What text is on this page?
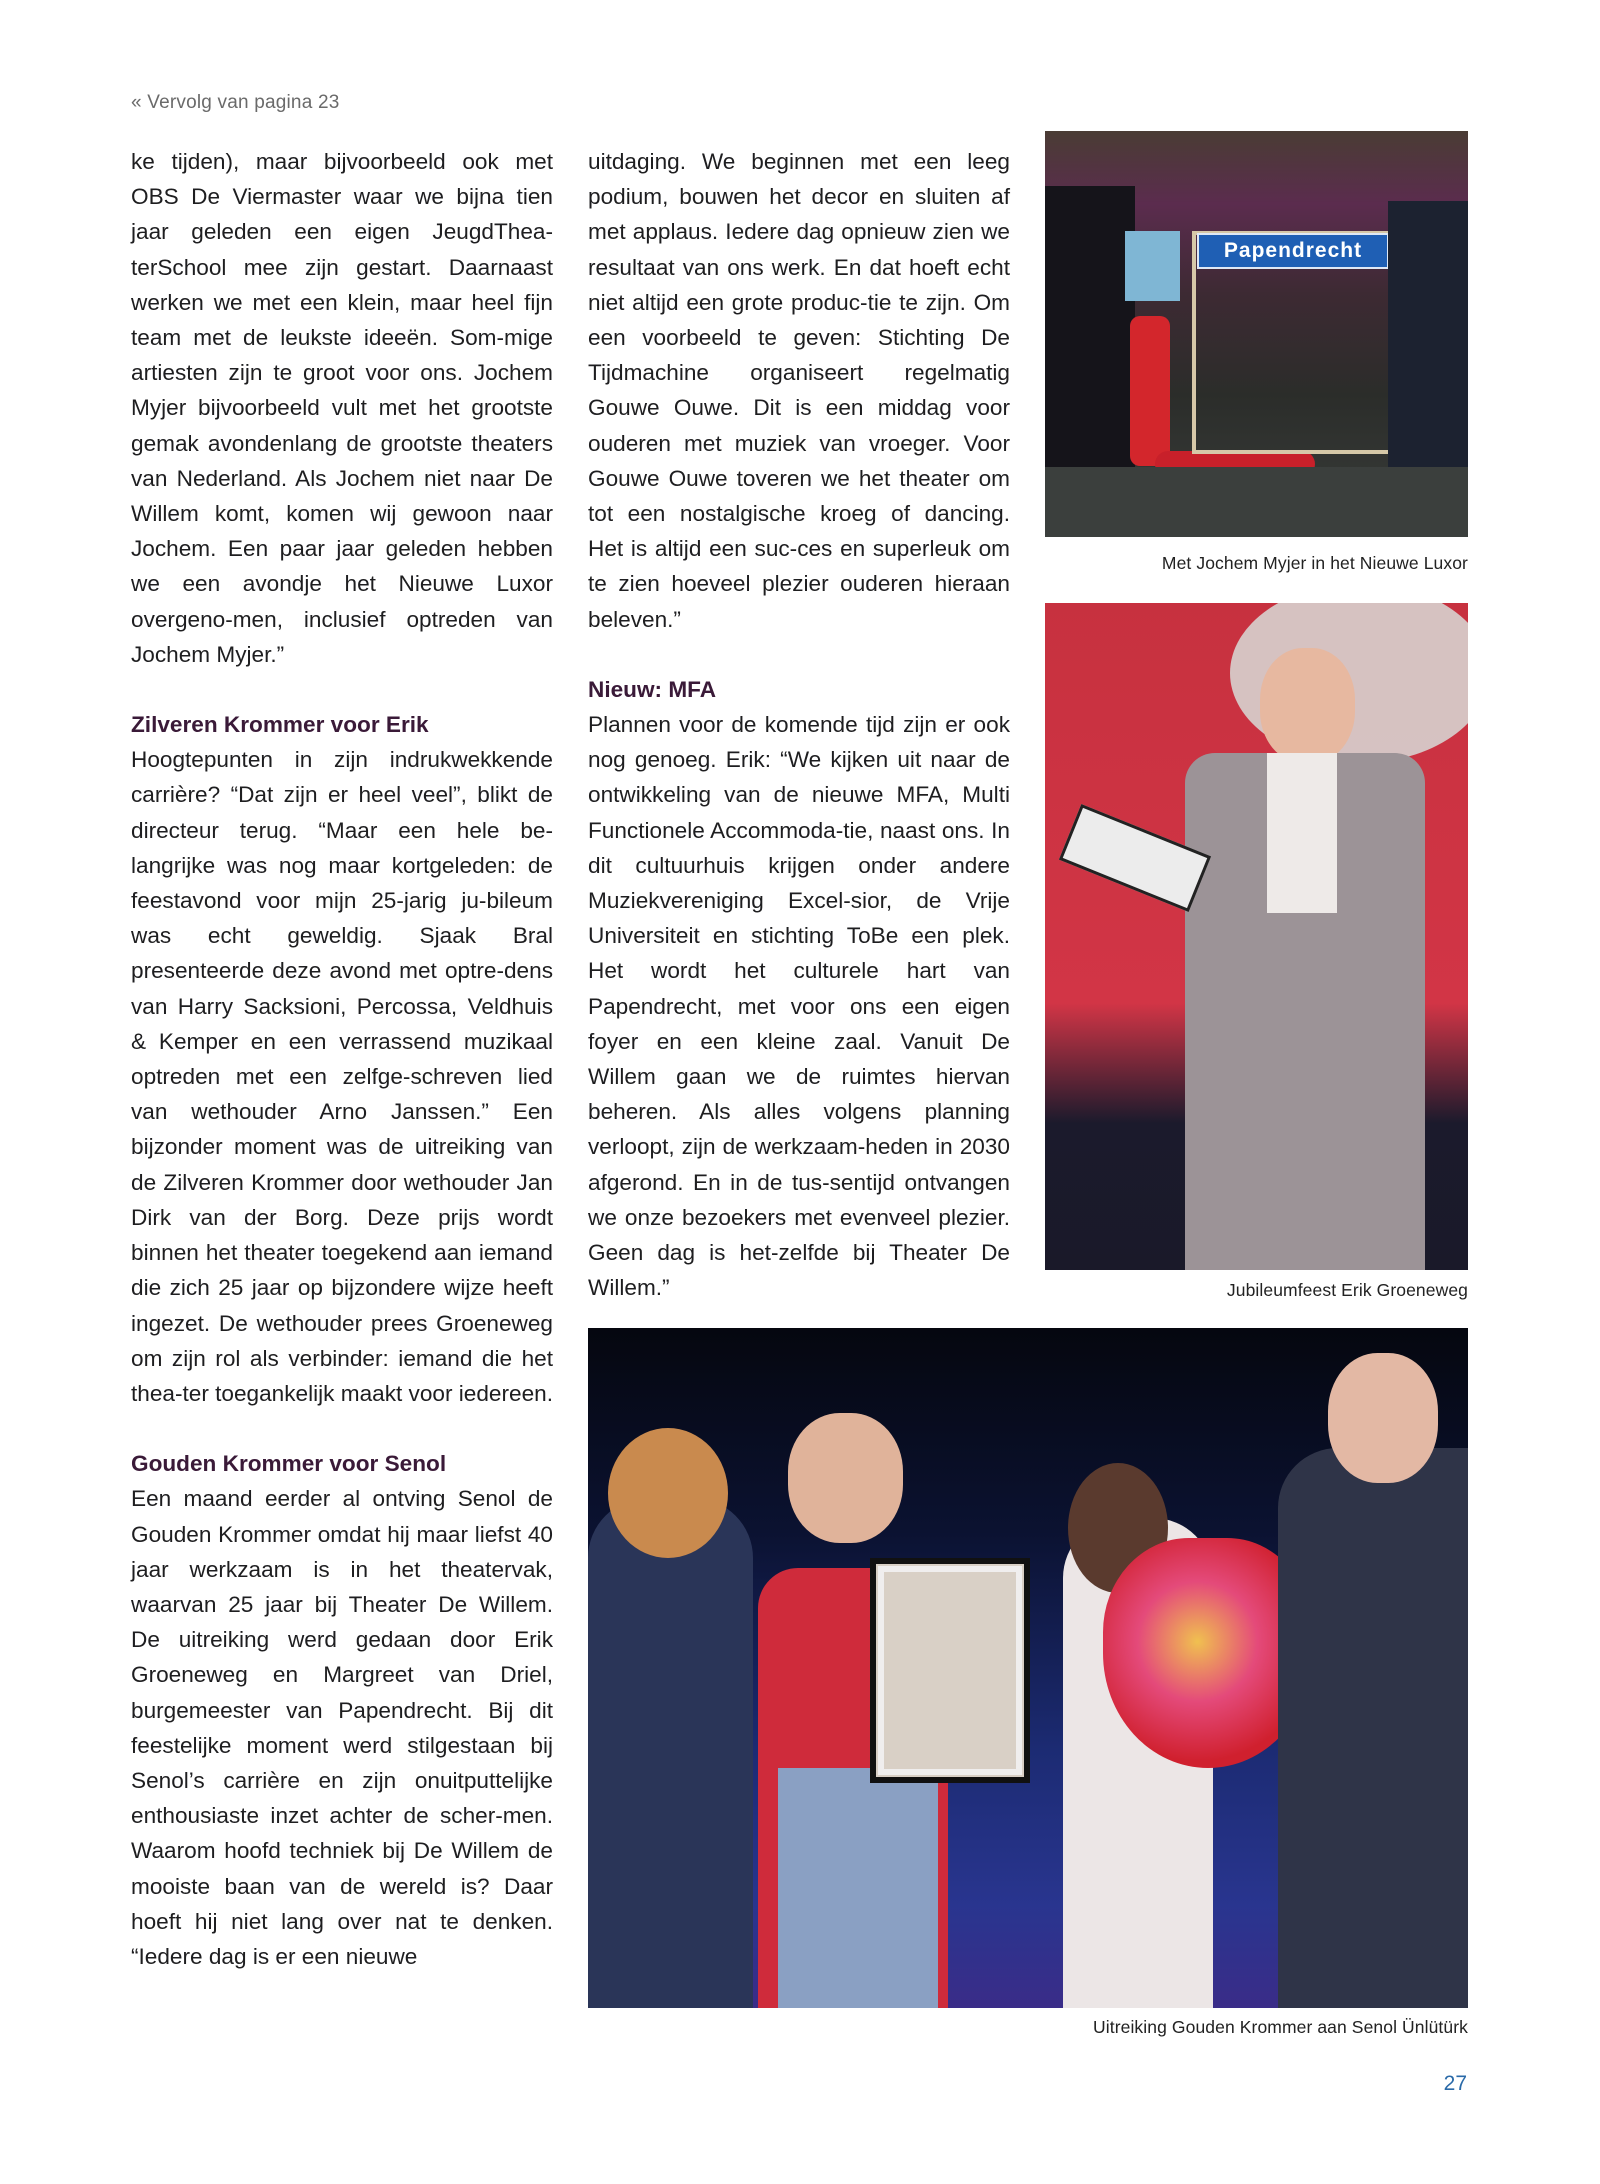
« Vervolg van pagina 23

ke tijden), maar bijvoorbeeld ook met OBS De Viermaster waar we bijna tien jaar geleden een eigen JeugdThea-terSchool mee zijn gestart. Daarnaast werken we met een klein, maar heel fijn team met de leukste ideeën. Som-mige artiesten zijn te groot voor ons. Jochem Myjer bijvoorbeeld vult met het grootste gemak avondenlang de grootste theaters van Nederland. Als Jochem niet naar De Willem komt, komen wij gewoon naar Jochem. Een paar jaar geleden hebben we een avondje het Nieuwe Luxor overgeno-men, inclusief optreden van Jochem Myjer.”

Zilveren Krommer voor Erik

Hoogtepunten in zijn indrukwekkende carrière? “Dat zijn er heel veel”, blikt de directeur terug. “Maar een hele be-langrijke was nog maar kortgeleden: de feestavond voor mijn 25-jarig ju-bileum was echt geweldig. Sjaak Bral presenteerde deze avond met optre-dens van Harry Sacksioni, Percossa, Veldhuis & Kemper en een verrassend muzikaal optreden met een zelfge-schreven lied van wethouder Arno Janssen.” Een bijzonder moment was de uitreiking van de Zilveren Krommer door wethouder Jan Dirk van der Borg. Deze prijs wordt binnen het theater toegekend aan iemand die zich 25 jaar op bijzondere wijze heeft ingezet. De wethouder prees Groeneweg om zijn rol als verbinder: iemand die het thea-ter toegankelijk maakt voor iedereen.

Gouden Krommer voor Senol

Een maand eerder al ontving Senol de Gouden Krommer omdat hij maar liefst 40 jaar werkzaam is in het theatervak, waarvan 25 jaar bij Theater De Willem. De uitreiking werd gedaan door Erik Groeneweg en Margreet van Driel, burgemeester van Papendrecht. Bij dit feestelijke moment werd stilgestaan bij Senol’s carrière en zijn onuitputtelijke enthousiaste inzet achter de scher-men. Waarom hoofd techniek bij De Willem de mooiste baan van de wereld is? Daar hoeft hij niet lang over nat te denken. “Iedere dag is er een nieuwe

uitdaging. We beginnen met een leeg podium, bouwen het decor en sluiten af met applaus. Iedere dag opnieuw zien we resultaat van ons werk. En dat hoeft echt niet altijd een grote produc-tie te zijn. Om een voorbeeld te geven: Stichting De Tijdmachine organiseert regelmatig Gouwe Ouwe. Dit is een middag voor ouderen met muziek van vroeger. Voor Gouwe Ouwe toveren we het theater om tot een nostalgische kroeg of dancing. Het is altijd een suc-ces en superleuk om te zien hoeveel plezier ouderen hieraan beleven.”

Nieuw: MFA

Plannen voor de komende tijd zijn er ook nog genoeg. Erik: “We kijken uit naar de ontwikkeling van de nieuwe MFA, Multi Functionele Accommoda-tie, naast ons. In dit cultuurhuis krijgen onder andere Muziekvereniging Excel-sior, de Vrije Universiteit en stichting ToBe een plek. Het wordt het culturele hart van Papendrecht, met voor ons een eigen foyer en een kleine zaal. Vanuit De Willem gaan we de ruimtes hiervan beheren. Als alles volgens planning verloopt, zijn de werkzaam-heden in 2030 afgerond. En in de tus-sentijd ontvangen we onze bezoekers met evenveel plezier. Geen dag is het-zelfde bij Theater De Willem.”

Papendrecht
Met Jochem Myjer in het Nieuwe Luxor
Jubileumfeest Erik Groeneweg
Uitreiking Gouden Krommer aan Senol Ünlütürk
27
